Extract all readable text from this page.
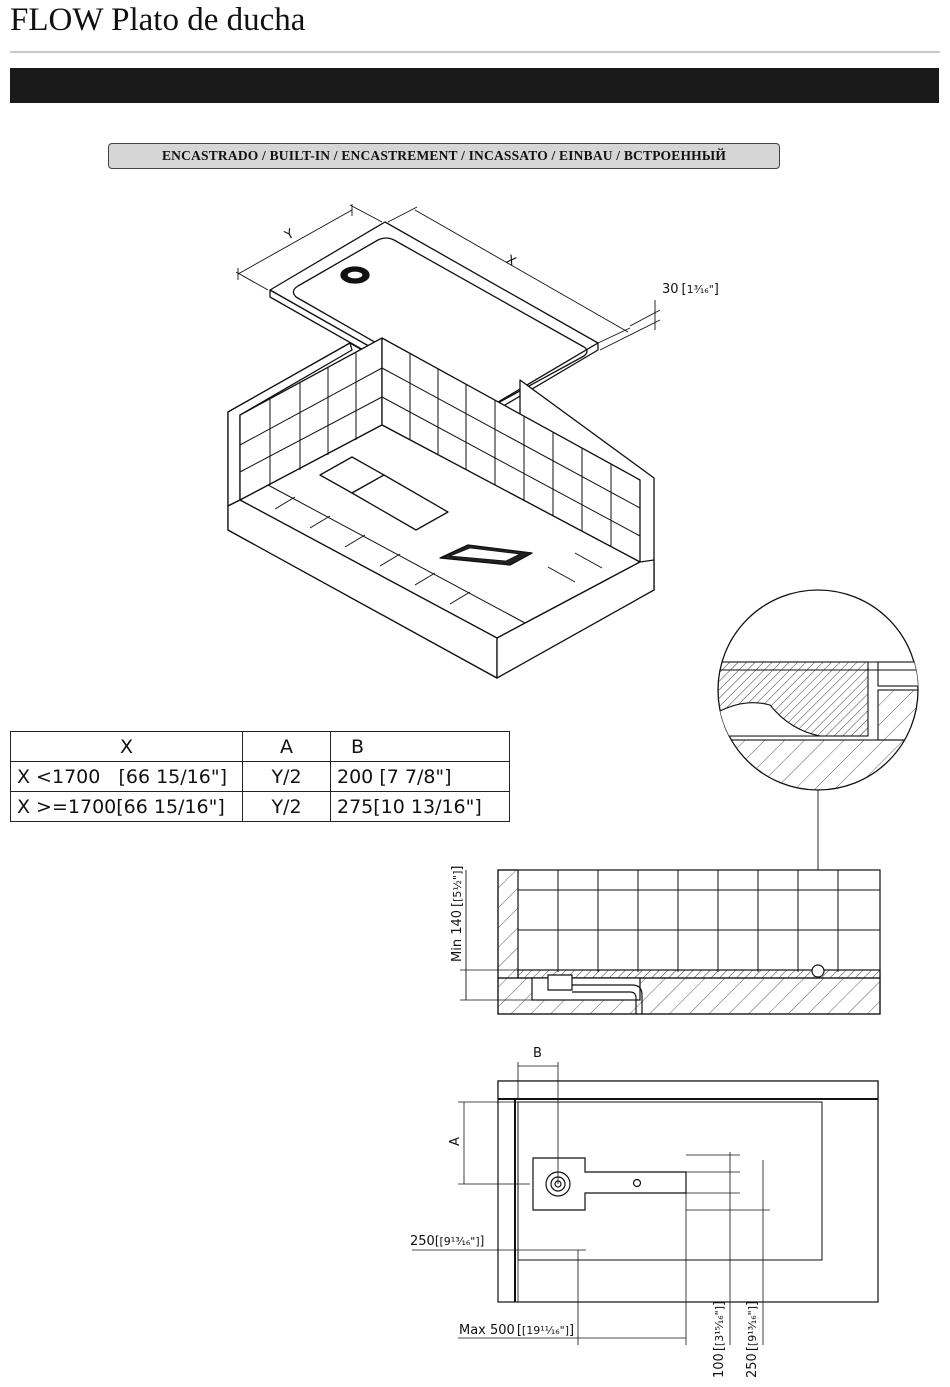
FLOW Plato de ducha
ENCASTRADO / BUILT-IN / ENCASTREMENT / INCASSATO / EINBAU / ВСТРОЕННЫЙ
Y
X
30 [1³⁄₁₆"]
Min 140[[5½"]]
B
A
250[[9¹³⁄₁₆"]]
Max 500 [[19¹¹⁄₁₆"]]
100[[3¹⁵⁄₁₆"]]
250[[9¹³⁄₁₆"]]
X	A	B
X <1700 [66 15/16"]	Y/2	200 [7 7/8"]
X >=1700[66 15/16"]	Y/2	275[10 13/16"]
